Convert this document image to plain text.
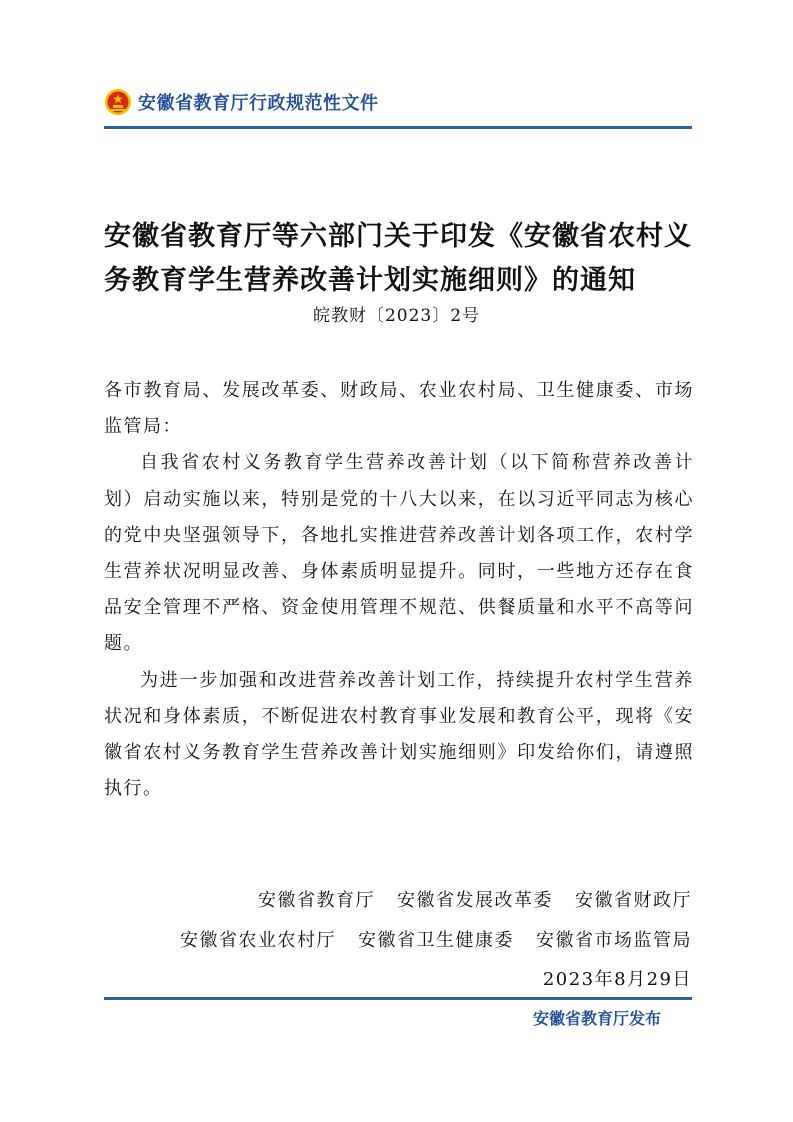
安徽省教育厅行政规范性文件
安徽省教育厅等六部门关于印发《安徽省农村义务教育学生营养改善计划实施细则》的通知
皖教财〔2023〕2号

各市教育局、发展改革委、财政局、农业农村局、卫生健康委、市场监管局：

自我省农村义务教育学生营养改善计划（以下简称营养改善计划）启动实施以来，特别是党的十八大以来，在以习近平同志为核心的党中央坚强领导下，各地扎实推进营养改善计划各项工作，农村学生营养状况明显改善、身体素质明显提升。同时，一些地方还存在食品安全管理不严格、资金使用管理不规范、供餐质量和水平不高等问题。

为进一步加强和改进营养改善计划工作，持续提升农村学生营养状况和身体素质，不断促进农村教育事业发展和教育公平，现将《安徽省农村义务教育学生营养改善计划实施细则》印发给你们，请遵照执行。

安徽省教育厅 安徽省发展改革委 安徽省财政厅
安徽省农业农村厅 安徽省卫生健康委 安徽省市场监管局
2023年8月29日
安徽省教育厅发布
